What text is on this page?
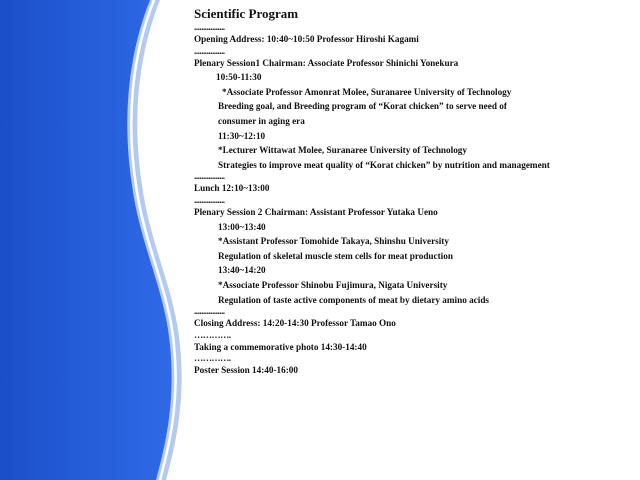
Scientific Program
.................
Opening Address: 10:40~10:50 Professor Hiroshi Kagami
.................
Plenary Session1 Chairman: Associate Professor Shinichi Yonekura
10:50-11:30
*Associate Professor Amonrat Molee, Suranaree University of Technology
Breeding goal, and Breeding program of “Korat chicken” to serve need of
consumer in aging era
11:30~12:10
*Lecturer Wittawat Molee, Suranaree University of Technology
Strategies to improve meat quality of “Korat chicken” by nutrition and management
.................
Lunch 12:10~13:00
.................
Plenary Session 2 Chairman: Assistant Professor Yutaka Ueno
13:00~13:40
*Assistant Professor Tomohide Takaya, Shinshu University
Regulation of skeletal muscle stem cells for meat production
13:40~14:20
*Associate Professor Shinobu Fujimura, Nigata University
Regulation of taste active components of meat by dietary amino acids
.................
Closing Address: 14:20-14:30 Professor Tamao Ono
………….
Taking a commemorative photo 14:30-14:40
………….
Poster Session 14:40-16:00
